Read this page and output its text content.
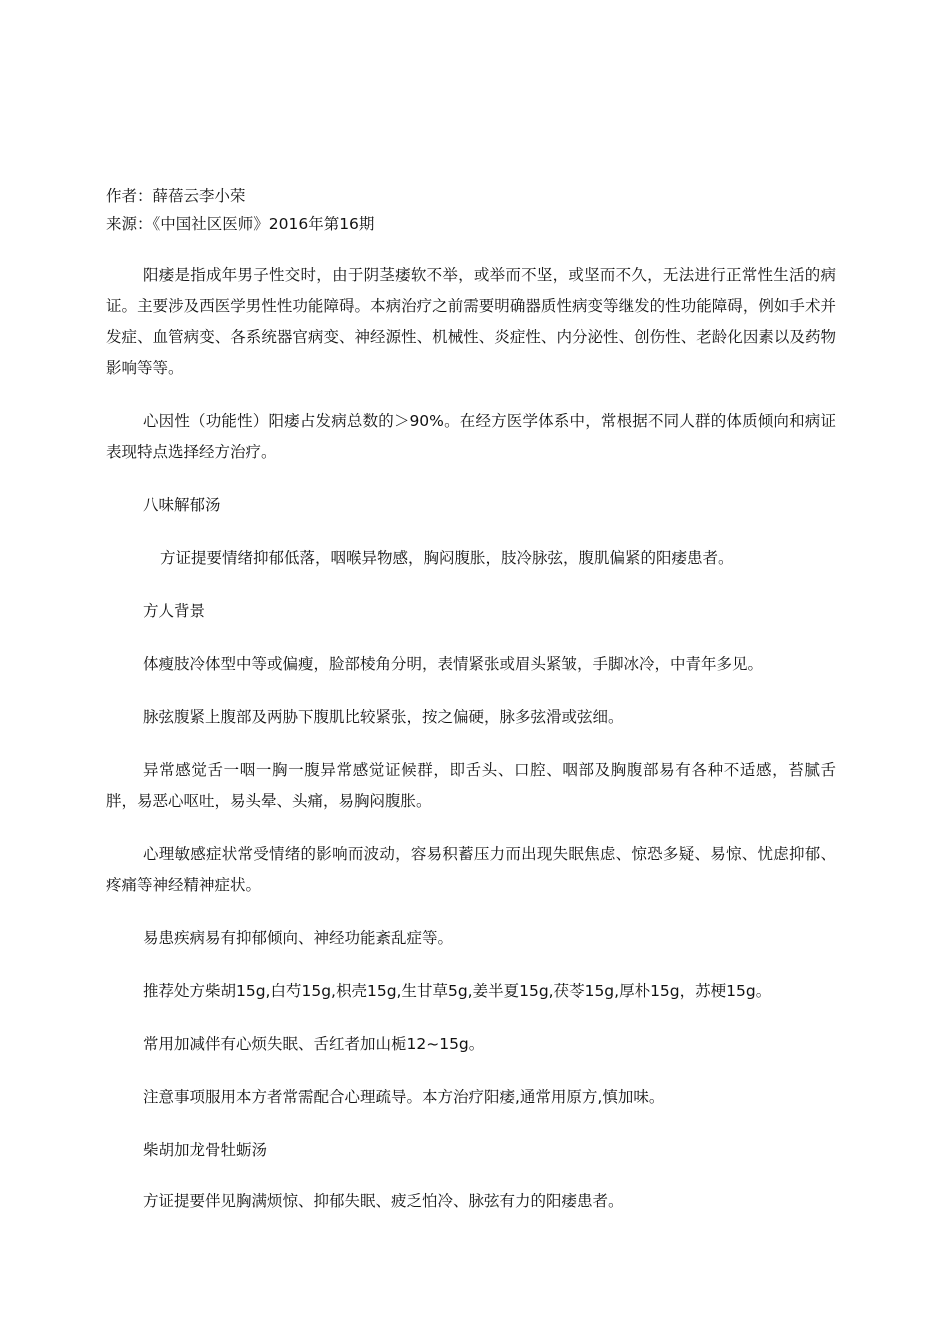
作者：薛蓓云李小荣
来源：《中国社区医师》2016年第16期

阳痿是指成年男子性交时，由于阴茎痿软不举，或举而不坚，或坚而不久，无法进行正常性生活的病证。主要涉及西医学男性性功能障碍。本病治疗之前需要明确器质性病变等继发的性功能障碍，例如手术并发症、血管病变、各系统器官病变、神经源性、机械性、炎症性、内分泌性、创伤性、老龄化因素以及药物影响等等。

心因性（功能性）阳痿占发病总数的＞90%。在经方医学体系中，常根据不同人群的体质倾向和病证表现特点选择经方治疗。

八味解郁汤

方证提要情绪抑郁低落，咽喉异物感，胸闷腹胀，肢冷脉弦，腹肌偏紧的阳痿患者。

方人背景

体瘦肢冷体型中等或偏瘦，脸部棱角分明，表情紧张或眉头紧皱，手脚冰冷，中青年多见。

脉弦腹紧上腹部及两胁下腹肌比较紧张，按之偏硬，脉多弦滑或弦细。

异常感觉舌一咽一胸一腹异常感觉证候群，即舌头、口腔、咽部及胸腹部易有各种不适感，苔腻舌胖，易恶心呕吐，易头晕、头痛，易胸闷腹胀。

心理敏感症状常受情绪的影响而波动，容易积蓄压力而出现失眠焦虑、惊恐多疑、易惊、忧虑抑郁、疼痛等神经精神症状。

易患疾病易有抑郁倾向、神经功能紊乱症等。

推荐处方柴胡15g,白芍15g,枳壳15g,生甘草5g,姜半夏15g,茯苓15g,厚朴15g，苏梗15g。

常用加减伴有心烦失眠、舌红者加山栀12~15g。

注意事项服用本方者常需配合心理疏导。本方治疗阳痿,通常用原方,慎加味。

柴胡加龙骨牡蛎汤

方证提要伴见胸满烦惊、抑郁失眠、疲乏怕冷、脉弦有力的阳痿患者。
